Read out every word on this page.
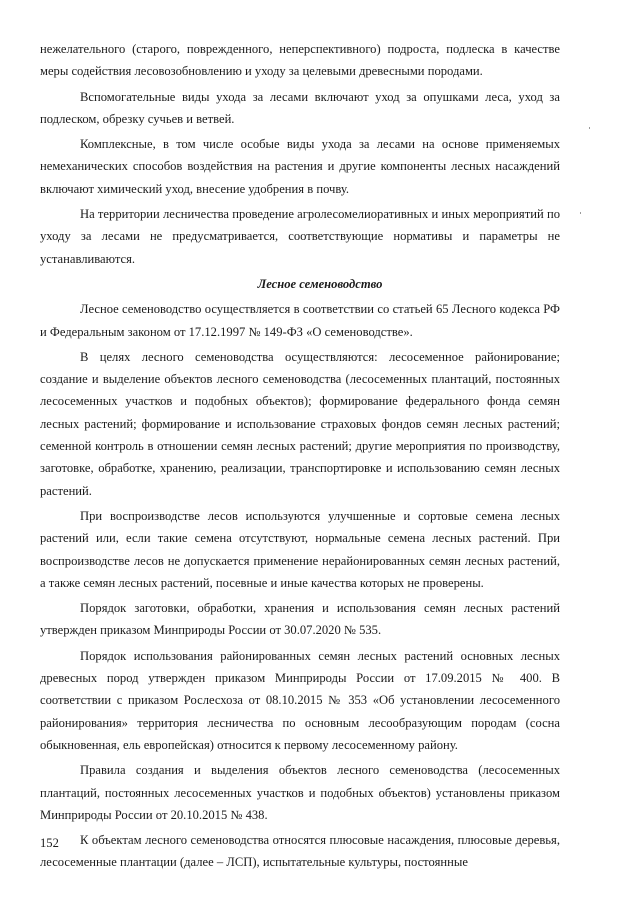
нежелательного (старого, поврежденного, неперспективного) подроста, подлеска в качестве меры содействия лесовозобновлению и уходу за целевыми древесными породами.

Вспомогательные виды ухода за лесами включают уход за опушками леса, уход за подлеском, обрезку сучьев и ветвей.

Комплексные, в том числе особые виды ухода за лесами на основе применяемых немеханических способов воздействия на растения и другие компоненты лесных насаждений включают химический уход, внесение удобрения в почву.

На территории лесничества проведение агролесомелиоративных и иных мероприятий по уходу за лесами не предусматривается, соответствующие нормативы и параметры не устанавливаются.

Лесное семеноводство

Лесное семеноводство осуществляется в соответствии со статьей 65 Лесного кодекса РФ и Федеральным законом от 17.12.1997 № 149-ФЗ «О семеноводстве».

В целях лесного семеноводства осуществляются: лесосеменное районирование; создание и выделение объектов лесного семеноводства (лесосеменных плантаций, постоянных лесосеменных участков и подобных объектов); формирование федерального фонда семян лесных растений; формирование и использование страховых фондов семян лесных растений; семенной контроль в отношении семян лесных растений; другие мероприятия по производству, заготовке, обработке, хранению, реализации, транспортировке и использованию семян лесных растений.

При воспроизводстве лесов используются улучшенные и сортовые семена лесных растений или, если такие семена отсутствуют, нормальные семена лесных растений. При воспроизводстве лесов не допускается применение нерайонированных семян лесных растений, а также семян лесных растений, посевные и иные качества которых не проверены.

Порядок заготовки, обработки, хранения и использования семян лесных растений утвержден приказом Минприроды России от 30.07.2020 № 535.

Порядок использования районированных семян лесных растений основных лесных древесных пород утвержден приказом Минприроды России от 17.09.2015 № 400. В соответствии с приказом Рослесхоза от 08.10.2015 № 353 «Об установлении лесосеменного районирования» территория лесничества по основным лесообразующим породам (сосна обыкновенная, ель европейская) относится к первому лесосеменному району.

Правила создания и выделения объектов лесного семеноводства (лесосеменных плантаций, постоянных лесосеменных участков и подобных объектов) установлены приказом Минприроды России от 20.10.2015 № 438.

К объектам лесного семеноводства относятся плюсовые насаждения, плюсовые деревья, лесосеменные плантации (далее – ЛСП), испытательные культуры, постоянные

152
